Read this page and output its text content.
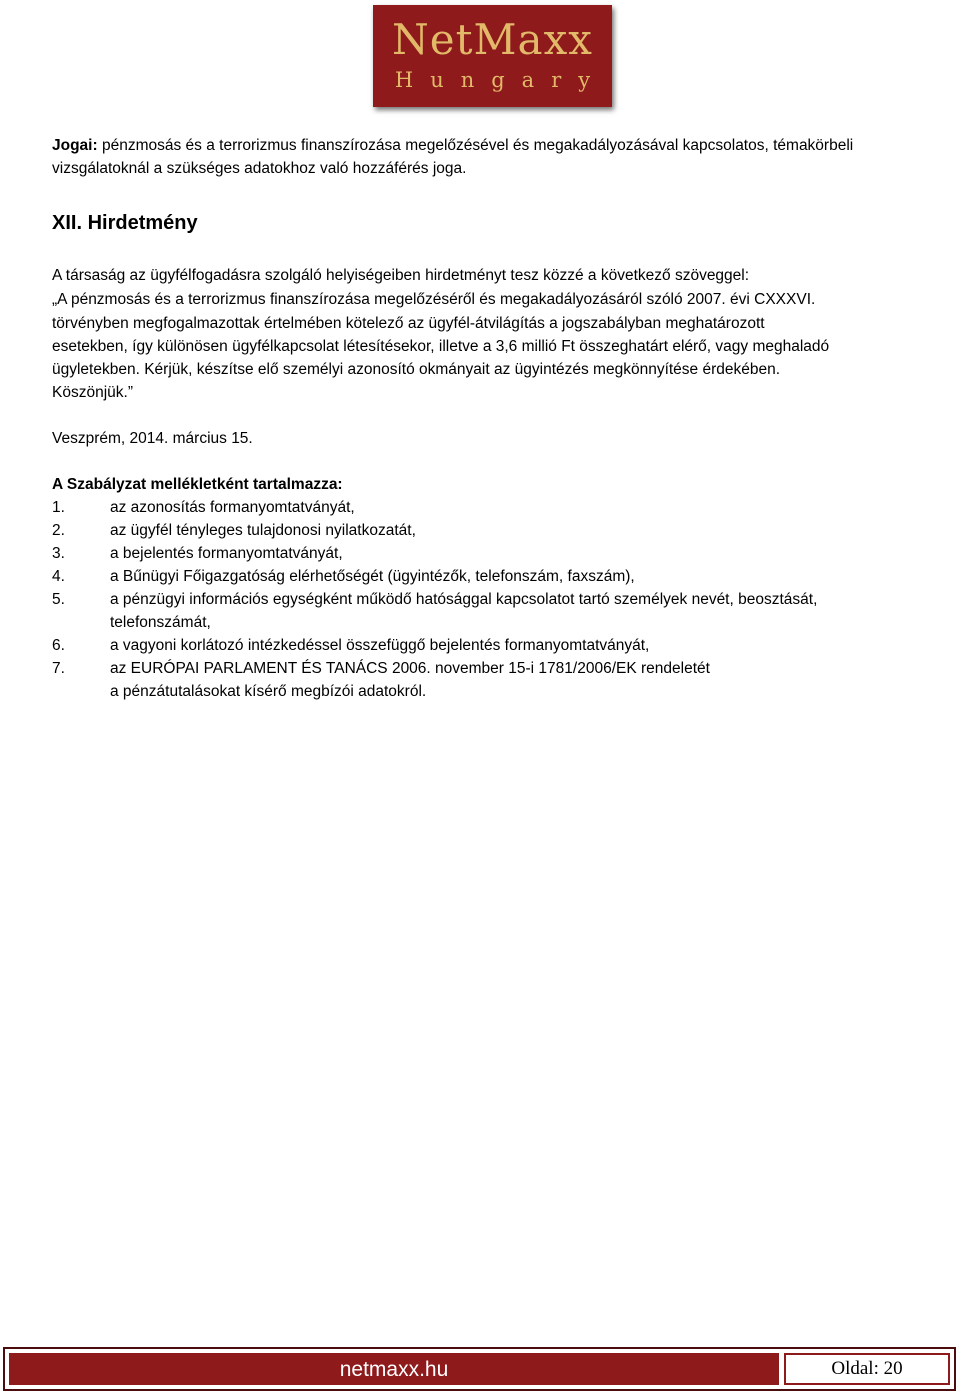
NetMaxx
Hungary
Jogai: pénzmosás és a terrorizmus finanszírozása megelőzésével és megakadályozásával kapcsolatos, témakörbeli
vizsgálatoknál a szükséges adatokhoz való hozzáférés joga.
XII. Hirdetmény
A társaság az ügyfélfogadásra szolgáló helyiségeiben hirdetményt tesz közzé a következő szöveggel:
„A pénzmosás és a terrorizmus finanszírozása megelőzéséről és megakadályozásáról szóló 2007. évi CXXXVI.
törvényben megfogalmazottak értelmében kötelező az ügyfél-átvilágítás a jogszabályban meghatározott
esetekben, így különösen ügyfélkapcsolat létesítésekor, illetve a 3,6 millió Ft összeghatárt elérő, vagy meghaladó
ügyletekben. Kérjük, készítse elő személyi azonosító okmányait az ügyintézés megkönnyítése érdekében.
Köszönjük.”
Veszprém, 2014. március 15.
A Szabályzat mellékletként tartalmazza:
1.	az azonosítás formanyomtatványát,
2.	az ügyfél tényleges tulajdonosi nyilatkozatát,
3.	a bejelentés formanyomtatványát,
4.	a Bűnügyi Főigazgatóság elérhetőségét (ügyintézők, telefonszám, faxszám),
5.	a pénzügyi információs egységként működő hatósággal kapcsolatot tartó személyek nevét, beosztását,
telefonszámát,
6.	a vagyoni korlátozó intézkedéssel összefüggő bejelentés formanyomtatványát,
7.	az EURÓPAI PARLAMENT ÉS TANÁCS 2006. november 15-i 1781/2006/EK rendeletét
a pénzátutalásokat kísérő megbízói adatokról.
netmaxx.hu	Oldal: 20
